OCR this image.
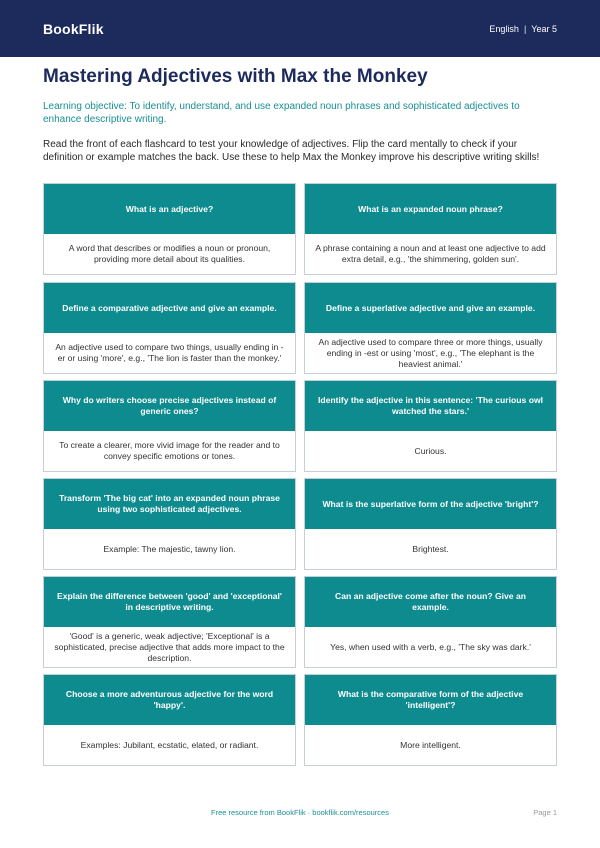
BookFlik	English | Year 5
Mastering Adjectives with Max the Monkey

Learning objective: To identify, understand, and use expanded noun phrases and sophisticated adjectives to enhance descriptive writing.

Read the front of each flashcard to test your knowledge of adjectives. Flip the card mentally to check if your definition or example matches the back. Use these to help Max the Monkey improve his descriptive writing skills!

What is an adjective?
A word that describes or modifies a noun or pronoun, providing more detail about its qualities.
What is an expanded noun phrase?
A phrase containing a noun and at least one adjective to add extra detail, e.g., 'the shimmering, golden sun'.
Define a comparative adjective and give an example.
An adjective used to compare two things, usually ending in -er or using 'more', e.g., 'The lion is faster than the monkey.'
Define a superlative adjective and give an example.
An adjective used to compare three or more things, usually ending in -est or using 'most', e.g., 'The elephant is the heaviest animal.'
Why do writers choose precise adjectives instead of generic ones?
To create a clearer, more vivid image for the reader and to convey specific emotions or tones.
Identify the adjective in this sentence: 'The curious owl watched the stars.'
Curious.
Transform 'The big cat' into an expanded noun phrase using two sophisticated adjectives.
Example: The majestic, tawny lion.
What is the superlative form of the adjective 'bright'?
Brightest.
Explain the difference between 'good' and 'exceptional' in descriptive writing.
'Good' is a generic, weak adjective; 'Exceptional' is a sophisticated, precise adjective that adds more impact to the description.
Can an adjective come after the noun? Give an example.
Yes, when used with a verb, e.g., 'The sky was dark.'
Choose a more adventurous adjective for the word 'happy'.
Examples: Jubilant, ecstatic, elated, or radiant.
What is the comparative form of the adjective 'intelligent'?
More intelligent.
Free resource from BookFlik · bookflik.com/resources	Page 1
